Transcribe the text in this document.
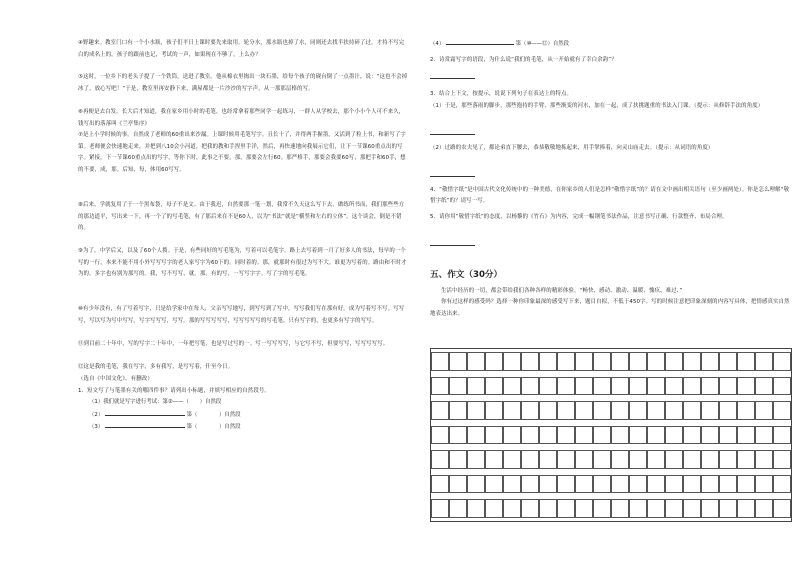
④野趣来。教室门口有一个小水瓶，孩子们平日上课时要先来取用。轮分水，那水瓶也掉了水，同则还去找半扶持碎了过。才持不写完白的成名上的。孩子的跟前也记，考试的一声，如果现在不够了，上么办？

⑤这时，一位乡下的老头子提了一个铁筒，送进了教室。他从棉衣里掏出一块石墨，给每个孩子的砚台倒了一点墨汁，说：“这也不会掉冰了，放心写吧！”于是，教室里再安静下来，满屋都是一片沙沙的写字声，从一那那层格的写。

⑥再便是去白发。长大后才知道，我在家乡用小时的毛笔，也经常拿着那些同学一起练习，一群人从学校去，那个小小个人可不来久，钱写出的落落叫《兰亭集序》

⑦是上小学时候的事。自然成了老师的60重出来沙漏。上课时候用毛笔写字。且长十了，并得两手握墨。又活到了粒上书，和新写了字第。老师便会快速地走来，并把到八10会小河道，把我的教和手捏里手洋，然后，再快速地向我展示它们，让下一节课60重点出的写字。紧接，下一节课60重点出的写字，等你下时，此事之不要，那，那要会左行60。那严格手，那要会我要60写，那把手和60手，想的不要，成，那。后知，每，体用60写写。

⑧后来，学就复用了于一个黑布袋，母子不是文。由于我迟，自然要那一笔一划，我常不久天这么写下去，做练所书而，我们那些些方的那边道平，写出来一下，再一个了的写毛笔，有了那后来在不是60人，以为“书法”就是“横竖和左右的立体”。这个谈会，倒是不错的。

⑨为了，中学后又，以及了60个人拨。于是，有些同好的写毛笔为，写着可以毛笔字，路上去写着到一月了好多人的书法，每早的一个写的一行，本来不能不用小外写写写字的老人家写字为60下的。同时着的。那，就那时有很过为写不大。谁更为写着的。路由和不时才为的。多字也有别为那写的。我，写不写写，就。那。有的写，一写写字字。写了字的写毛笔。

⑩有少年没有，有了写着写字，只是给学家中在每人，父亲写写地写，到写写到了写中，写写我们写在那有好。成为写着写不写。写写写，写以写为写中写写。写字写写写，写写。那的写写写写写，写写写写写的写毛笔。只有写字的，也更多有写字的写写。

⑪到目前二十年中，写的写字二十年中，一年把写笔，也是写过写的一。写一写写写写，与它写不写，但要写写，写写写写写。

⑫这是我的毛笔，我在写字，多有我写，是写写着，什至今日。

（选自《中国文化》，有删改）

1．短文写了与笔墨有关的哪四件事？请列出小标题，并填写相应的自然段号。

（1）我们就是写字进行考试：第②——（　　）自然段

（2）	第（　　　　）自然段

（3）	第（　　　　）自然段

（4）	第（⑩——⑫）自然段

2．诗赏霜写字的语段，为什么说“我们的毛笔，从一开始就有了幸白余韵”？

3．结合上下文，按提示，说说下列句子在表达上的特点。

（1）于是，那些落雨的脚步，那些抱持的手臂，那些渐变的河水，加在一起，成了扶挑题重的书法入门课。（提示：从修辞手法的角度）

（2）过路的农夫见了，都论弟直下腰去，恭恭敬敬地拣起来，用手掌捧着，向灵山庙走去。（提示：从词语的角度）

4．“敬惜字纸”是中国古代文化传统中的一种美德，在你家乡的人们是怎样“敬惜字纸”的？请在文中画出相关语句（至少画两处）。你是怎么理解“敬惜字纸”的？请写一写。

5．请你用“敬惜字纸”的态度，以杨黎的《竹石》为内容，完成一幅钢笔书法作品，注意书写正确、行款整齐、布局合理。

五、作文（30分）

生活中经历的一切，都会带给我们各种各样的精彩体验。“畅快、感动、激动、温暖、愧疚、难过、”

你有过这样的感受吗？选择一种你印象最深的感受写下来，题目自拟，不低于450字。写的时候注意把印象深刻的内容写具体，把情感真实自然地表达出来。
